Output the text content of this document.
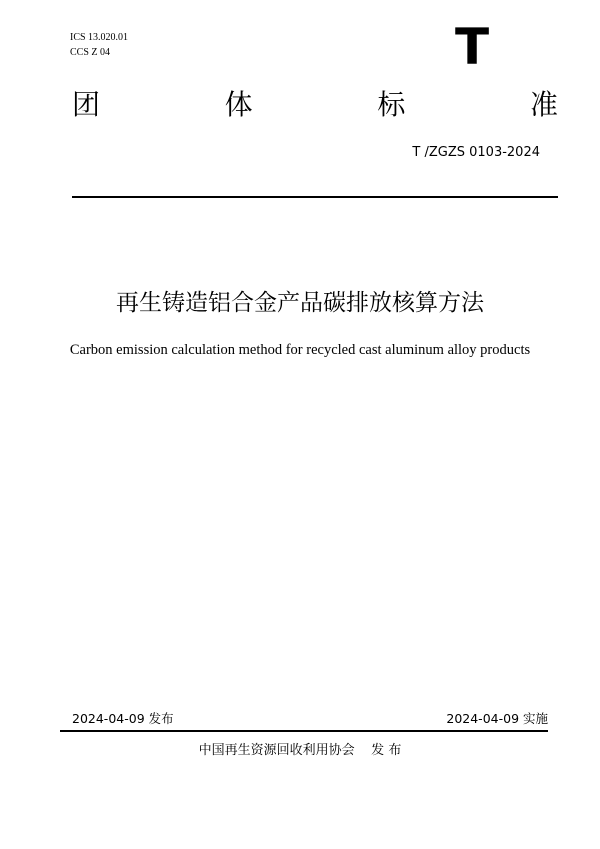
ICS 13.020.01
CCS Z 04	T
团	体	标	准
T /ZGZS 0103-2024
再生铸造铝合金产品碳排放核算方法
Carbon emission calculation method for recycled cast aluminum alloy products
2024-04-09 发布	2024-04-09 实施
中国再生资源回收利用协会    发 布
